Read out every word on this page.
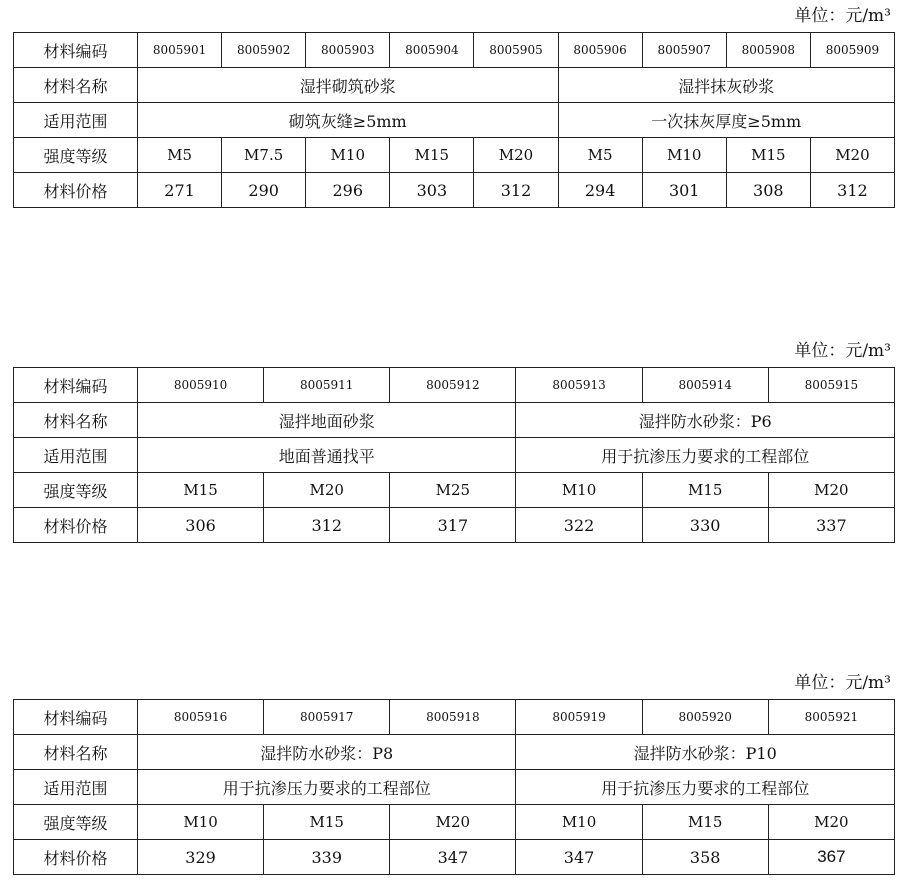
单位：元/m³
材料编码	8005901	8005902	8005903	8005904	8005905	8005906	8005907	8005908	8005909
材料名称	湿拌砌筑砂浆					湿拌抹灰砂浆			
适用范围	砌筑灰缝≥5mm					一次抹灰厚度≥5mm			
强度等级	M5	M7.5	M10	M15	M20	M5	M10	M15	M20
材料价格	271	290	296	303	312	294	301	308	312
单位：元/m³
材料编码	8005910	8005911	8005912	8005913	8005914	8005915
材料名称	湿拌地面砂浆			湿拌防水砂浆：P6		
适用范围	地面普通找平			用于抗渗压力要求的工程部位		
强度等级	M15	M20	M25	M10	M15	M20
材料价格	306	312	317	322	330	337
单位：元/m³
材料编码	8005916	8005917	8005918	8005919	8005920	8005921
材料名称	湿拌防水砂浆：P8			湿拌防水砂浆：P10		
适用范围	用于抗渗压力要求的工程部位			用于抗渗压力要求的工程部位		
强度等级	M10	M15	M20	M10	M15	M20
材料价格	329	339	347	347	358	367
